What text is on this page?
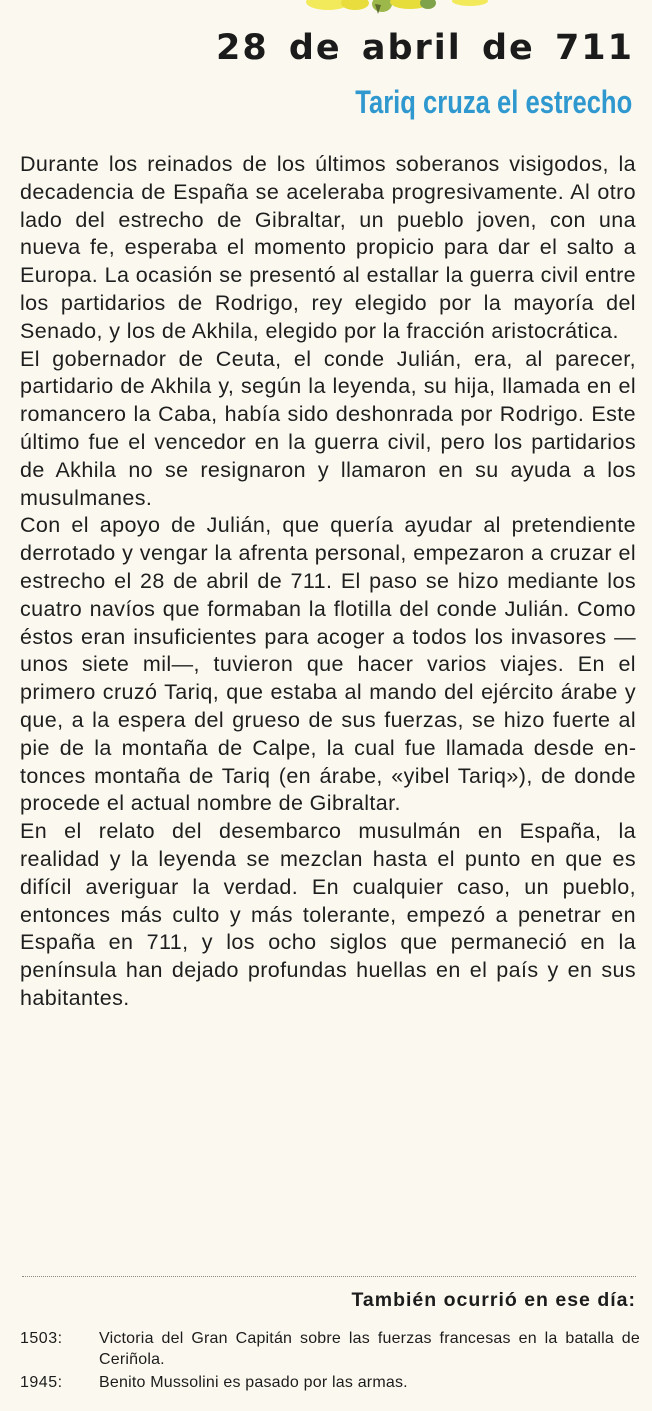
28 de abril de 711
Tariq cruza el estrecho

Durante los reinados de los últimos soberanos visigodos, la decadencia de España se aceleraba progresivamente. Al otro lado del estrecho de Gibraltar, un pueblo joven, con una nueva fe, esperaba el momento propicio para dar el salto a Europa. La ocasión se presentó al estallar la guerra civil entre los partidarios de Rodrigo, rey elegido por la mayoría del Senado, y los de Akhila, elegido por la fracción aristocrática.

El gobernador de Ceuta, el conde Julián, era, al parecer, partidario de Akhila y, según la leyenda, su hija, llamada en el romancero la Caba, había sido deshonrada por Rodrigo. Este último fue el vencedor en la guerra civil, pero los partidarios de Akhila no se resignaron y llamaron en su ayuda a los musulmanes.

Con el apoyo de Julián, que quería ayudar al pretendiente derrotado y vengar la afrenta personal, empezaron a cruzar el estrecho el 28 de abril de 711. El paso se hizo mediante los cuatro navíos que formaban la flotilla del conde Julián. Como éstos eran insuficientes para acoger a todos los invasores —unos siete mil—, tuvieron que hacer varios viajes. En el primero cruzó Tariq, que estaba al mando del ejército árabe y que, a la espera del grueso de sus fuerzas, se hizo fuerte al pie de la montaña de Calpe, la cual fue llamada desde entonces montaña de Tariq (en árabe, «yibel Tariq»), de donde procede el actual nombre de Gibraltar.

En el relato del desembarco musulmán en España, la realidad y la leyenda se mezclan hasta el punto en que es difícil averiguar la verdad. En cualquier caso, un pueblo, entonces más culto y más tolerante, empezó a penetrar en España en 711, y los ocho siglos que permaneció en la península han dejado profundas huellas en el país y en sus habitantes.

También ocurrió en ese día:
1503:	Victoria del Gran Capitán sobre las fuerzas francesas en la batalla de Ceriñola.
1945:	Benito Mussolini es pasado por las armas.
